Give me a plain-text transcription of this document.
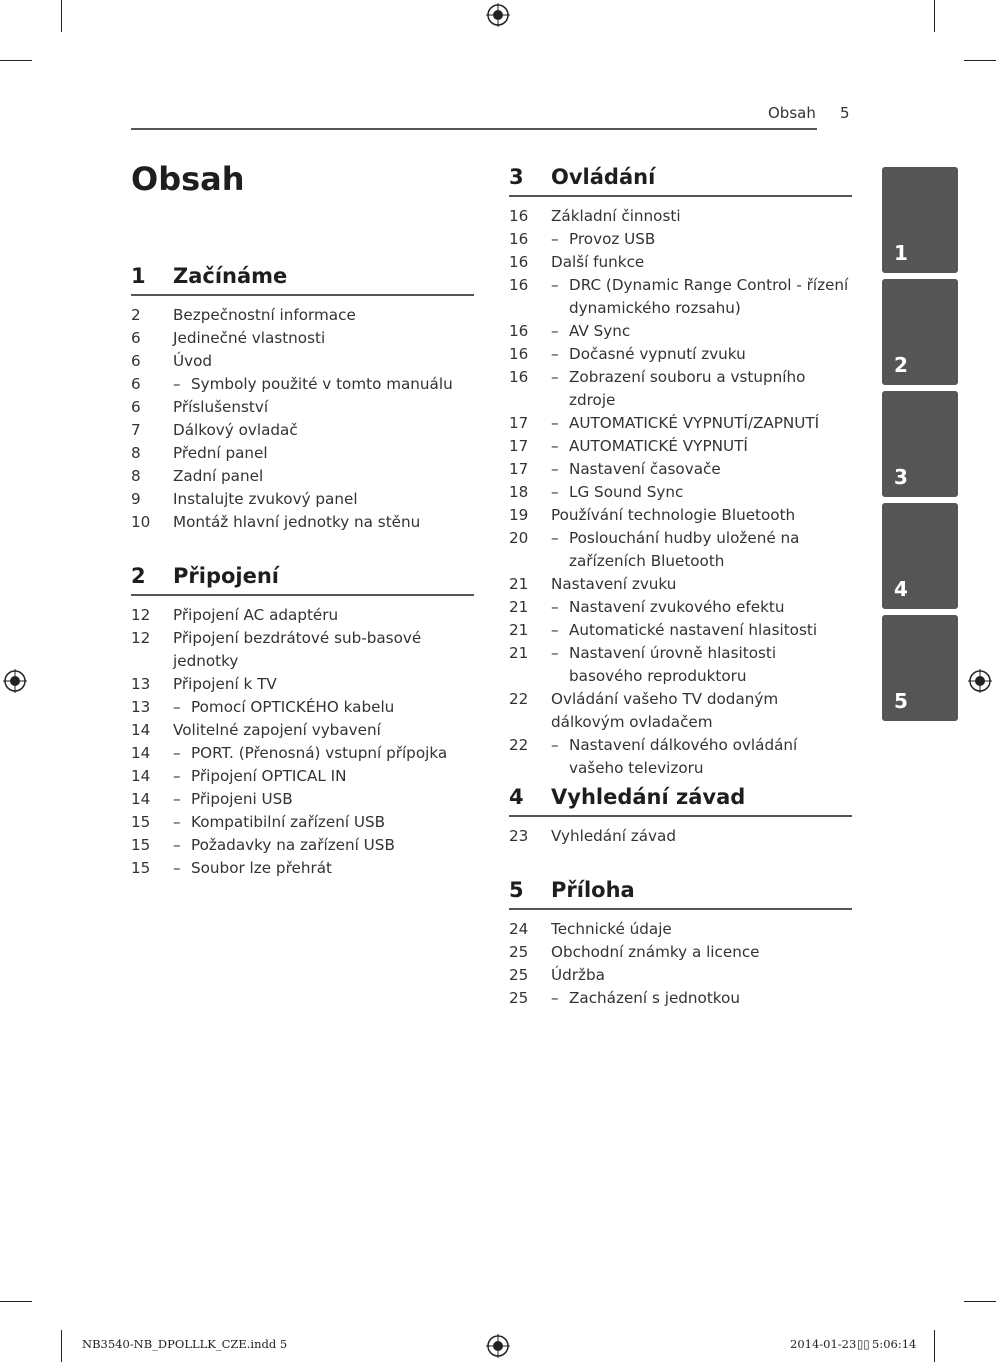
Obsah 5
Obsah
1 Začínáme
2	Bezpečnostní informace
6	Jedinečné vlastnosti
6	Úvod
6	– Symboly použité v tomto manuálu
6	Příslušenství
7	Dálkový ovladač
8	Přední panel
8	Zadní panel
9	Instalujte zvukový panel
10	Montáž hlavní jednotky na stěnu
2 Připojení
12	Připojení AC adaptéru
12	Připojení bezdrátové sub-basové jednotky
13	Připojení k TV
13	– Pomocí OPTICKÉHO kabelu
14	Volitelné zapojení vybavení
14	– PORT. (Přenosná) vstupní přípojka
14	– Připojení OPTICAL IN
14	– Připojeni USB
15	– Kompatibilní zařízení USB
15	– Požadavky na zařízení USB
15	– Soubor lze přehrát
3 Ovládání
16	Základní činnosti
16	– Provoz USB
16	Další funkce
16	– DRC (Dynamic Range Control - řízení dynamického rozsahu)
16	– AV Sync
16	– Dočasné vypnutí zvuku
16	– Zobrazení souboru a vstupního zdroje
17	– AUTOMATICKÉ VYPNUTÍ/ZAPNUTÍ
17	– AUTOMATICKÉ VYPNUTÍ
17	– Nastavení časovače
18	– LG Sound Sync
19	Používání technologie Bluetooth
20	– Poslouchání hudby uložené na zařízeních Bluetooth
21	Nastavení zvuku
21	– Nastavení zvukového efektu
21	– Automatické nastavení hlasitosti
21	– Nastavení úrovně hlasitosti basového reproduktoru
22	Ovládání vašeho TV dodaným dálkovým ovladačem
22	– Nastavení dálkového ovládání vašeho televizoru
4 Vyhledání závad
23	Vyhledání závad
5 Příloha
24	Technické údaje
25	Obchodní známky a licence
25	Údržba
25	– Zacházení s jednotkou
1
2
3
4
5
NB3540-NB_DPOLLLK_CZE.indd 5	2014-01-23 ▯▯ 5:06:14
